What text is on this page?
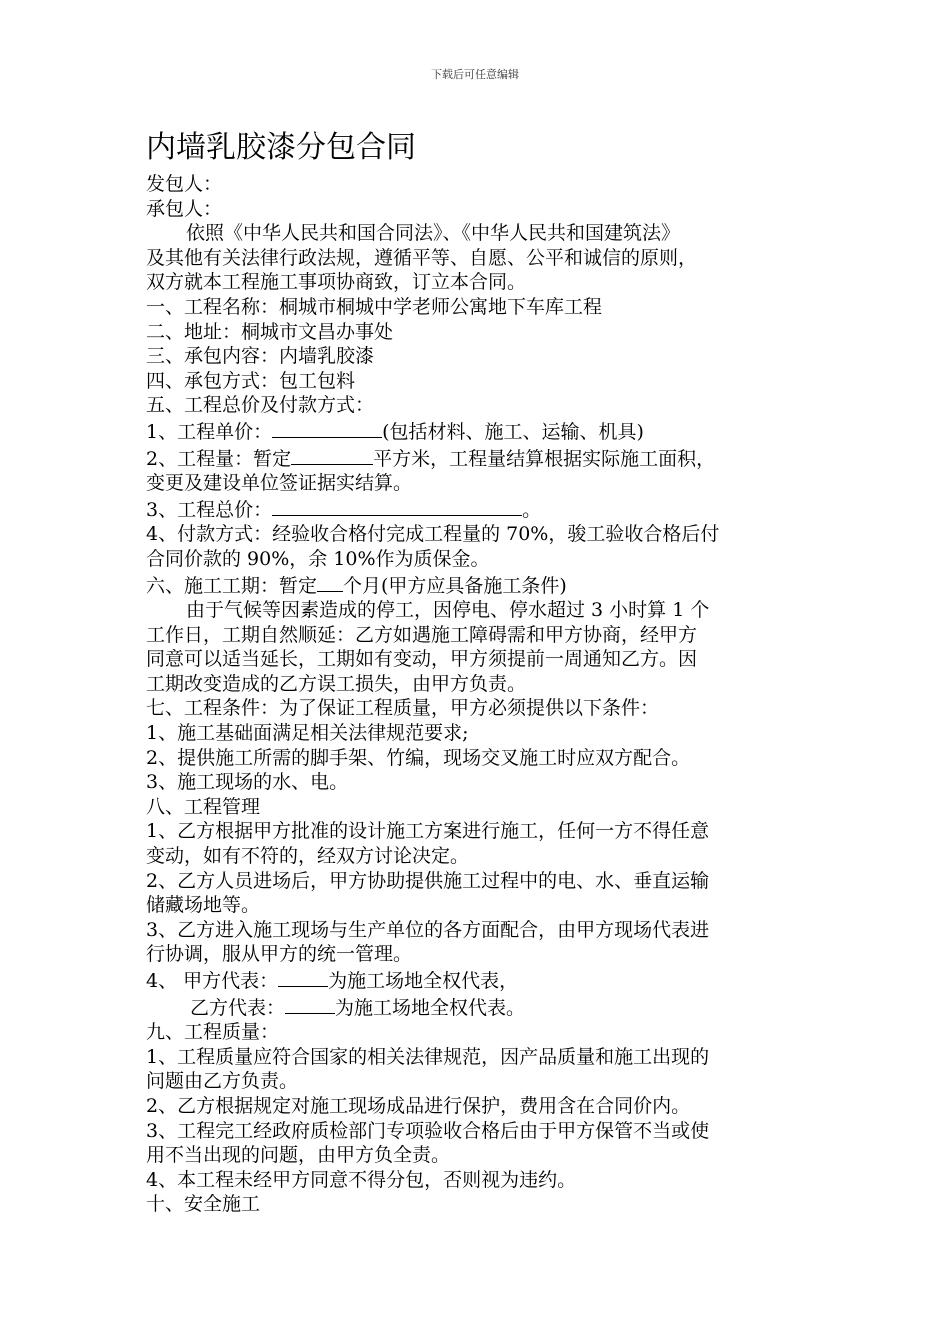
下载后可任意编辑
内墙乳胶漆分包合同
发包人：
承包人：
依照《中华人民共和国合同法》、《中华人民共和国建筑法》
及其他有关法律行政法规，遵循平等、自愿、公平和诚信的原则，
双方就本工程施工事项协商致，订立本合同。
一、工程名称：桐城市桐城中学老师公寓地下车库工程
二、地址：桐城市文昌办事处
三、承包内容：内墙乳胶漆
四、承包方式：包工包料
五、工程总价及付款方式：
1、工程单价：	(包括材料、施工、运输、机具)
2、工程量：暂定	平方米，工程量结算根据实际施工面积，
变更及建设单位签证据实结算。
3、工程总价：	。
4、付款方式：经验收合格付完成工程量的 70%，骏工验收合格后付
合同价款的 90%，余 10%作为质保金。
六、施工工期：暂定 个月(甲方应具备施工条件)
由于气候等因素造成的停工，因停电、停水超过 3 小时算 1 个
工作日，工期自然顺延：乙方如遇施工障碍需和甲方协商，经甲方
同意可以适当延长，工期如有变动，甲方须提前一周通知乙方。因
工期改变造成的乙方误工损失，由甲方负责。
七、工程条件：为了保证工程质量，甲方必须提供以下条件：
1、施工基础面满足相关法律规范要求;
2、提供施工所需的脚手架、竹编，现场交叉施工时应双方配合。
3、施工现场的水、电。
八、工程管理
1、乙方根据甲方批准的设计施工方案进行施工，任何一方不得任意
变动，如有不符的，经双方讨论决定。
2、乙方人员进场后，甲方协助提供施工过程中的电、水、垂直运输
储藏场地等。
3、乙方进入施工现场与生产单位的各方面配合，由甲方现场代表进
行协调，服从甲方的统一管理。
4、 甲方代表：	为施工场地全权代表，
乙方代表：	为施工场地全权代表。
九、工程质量：
1、工程质量应符合国家的相关法律规范，因产品质量和施工出现的
问题由乙方负责。
2、乙方根据规定对施工现场成品进行保护，费用含在合同价内。
3、工程完工经政府质检部门专项验收合格后由于甲方保管不当或使
用不当出现的问题，由甲方负全责。
4、本工程未经甲方同意不得分包，否则视为违约。
十、安全施工
